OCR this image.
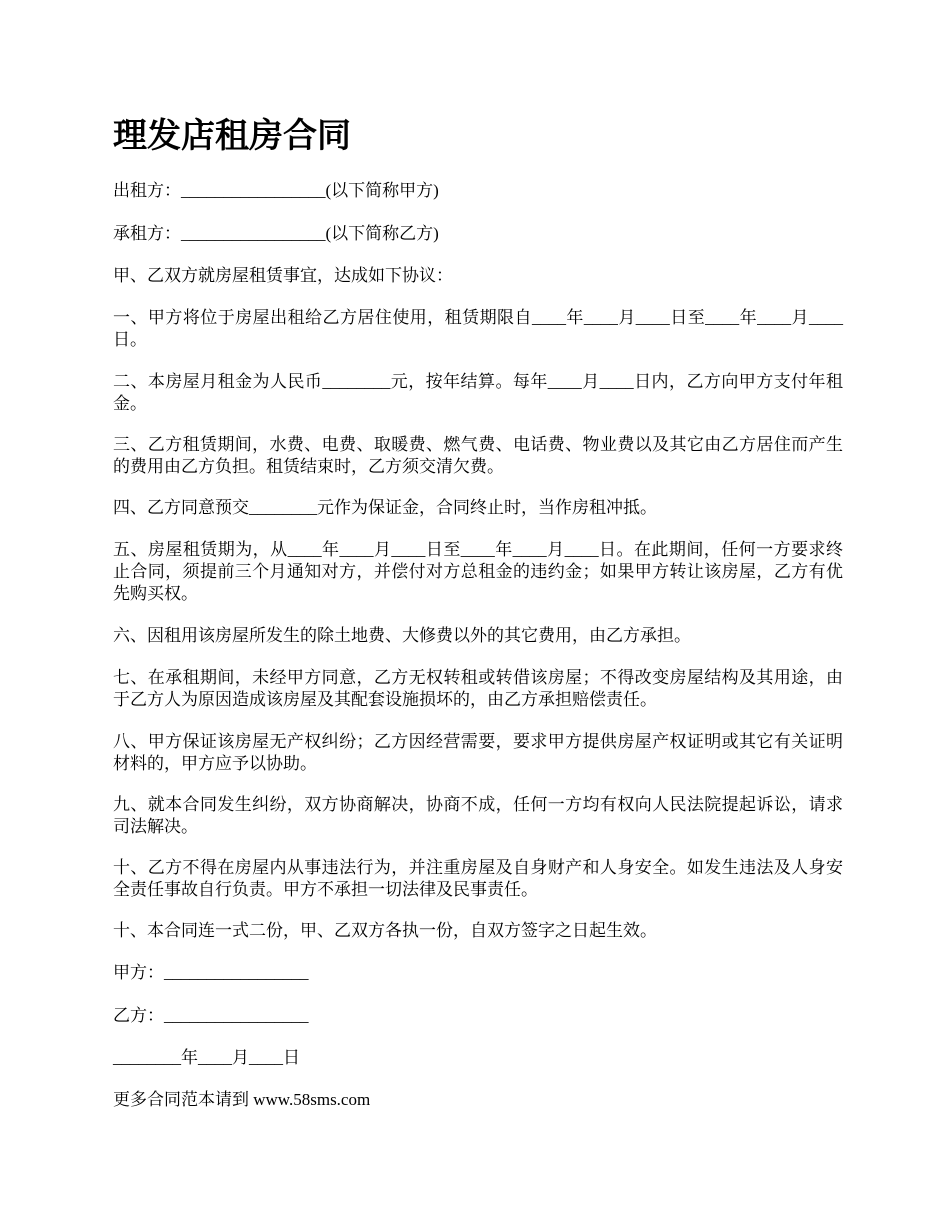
理发店租房合同

出租方：_________________(以下简称甲方)

承租方：_________________(以下简称乙方)

甲、乙双方就房屋租赁事宜，达成如下协议：

一、甲方将位于房屋出租给乙方居住使用，租赁期限自____年____月____日至____年____月____日。

二、本房屋月租金为人民币________元，按年结算。每年____月____日内，乙方向甲方支付年租金。

三、乙方租赁期间，水费、电费、取暖费、燃气费、电话费、物业费以及其它由乙方居住而产生的费用由乙方负担。租赁结束时，乙方须交清欠费。

四、乙方同意预交________元作为保证金，合同终止时，当作房租冲抵。

五、房屋租赁期为，从____年____月____日至____年____月____日。在此期间，任何一方要求终止合同，须提前三个月通知对方，并偿付对方总租金的违约金；如果甲方转让该房屋，乙方有优先购买权。

六、因租用该房屋所发生的除土地费、大修费以外的其它费用，由乙方承担。

七、在承租期间，未经甲方同意，乙方无权转租或转借该房屋；不得改变房屋结构及其用途，由于乙方人为原因造成该房屋及其配套设施损坏的，由乙方承担赔偿责任。

八、甲方保证该房屋无产权纠纷；乙方因经营需要，要求甲方提供房屋产权证明或其它有关证明材料的，甲方应予以协助。

九、就本合同发生纠纷，双方协商解决，协商不成，任何一方均有权向人民法院提起诉讼，请求司法解决。

十、乙方不得在房屋内从事违法行为，并注重房屋及自身财产和人身安全。如发生违法及人身安全责任事故自行负责。甲方不承担一切法律及民事责任。

十、本合同连一式二份，甲、乙双方各执一份，自双方签字之日起生效。

甲方：_________________

乙方：_________________

________年____月____日

更多合同范本请到 www.58sms.com
